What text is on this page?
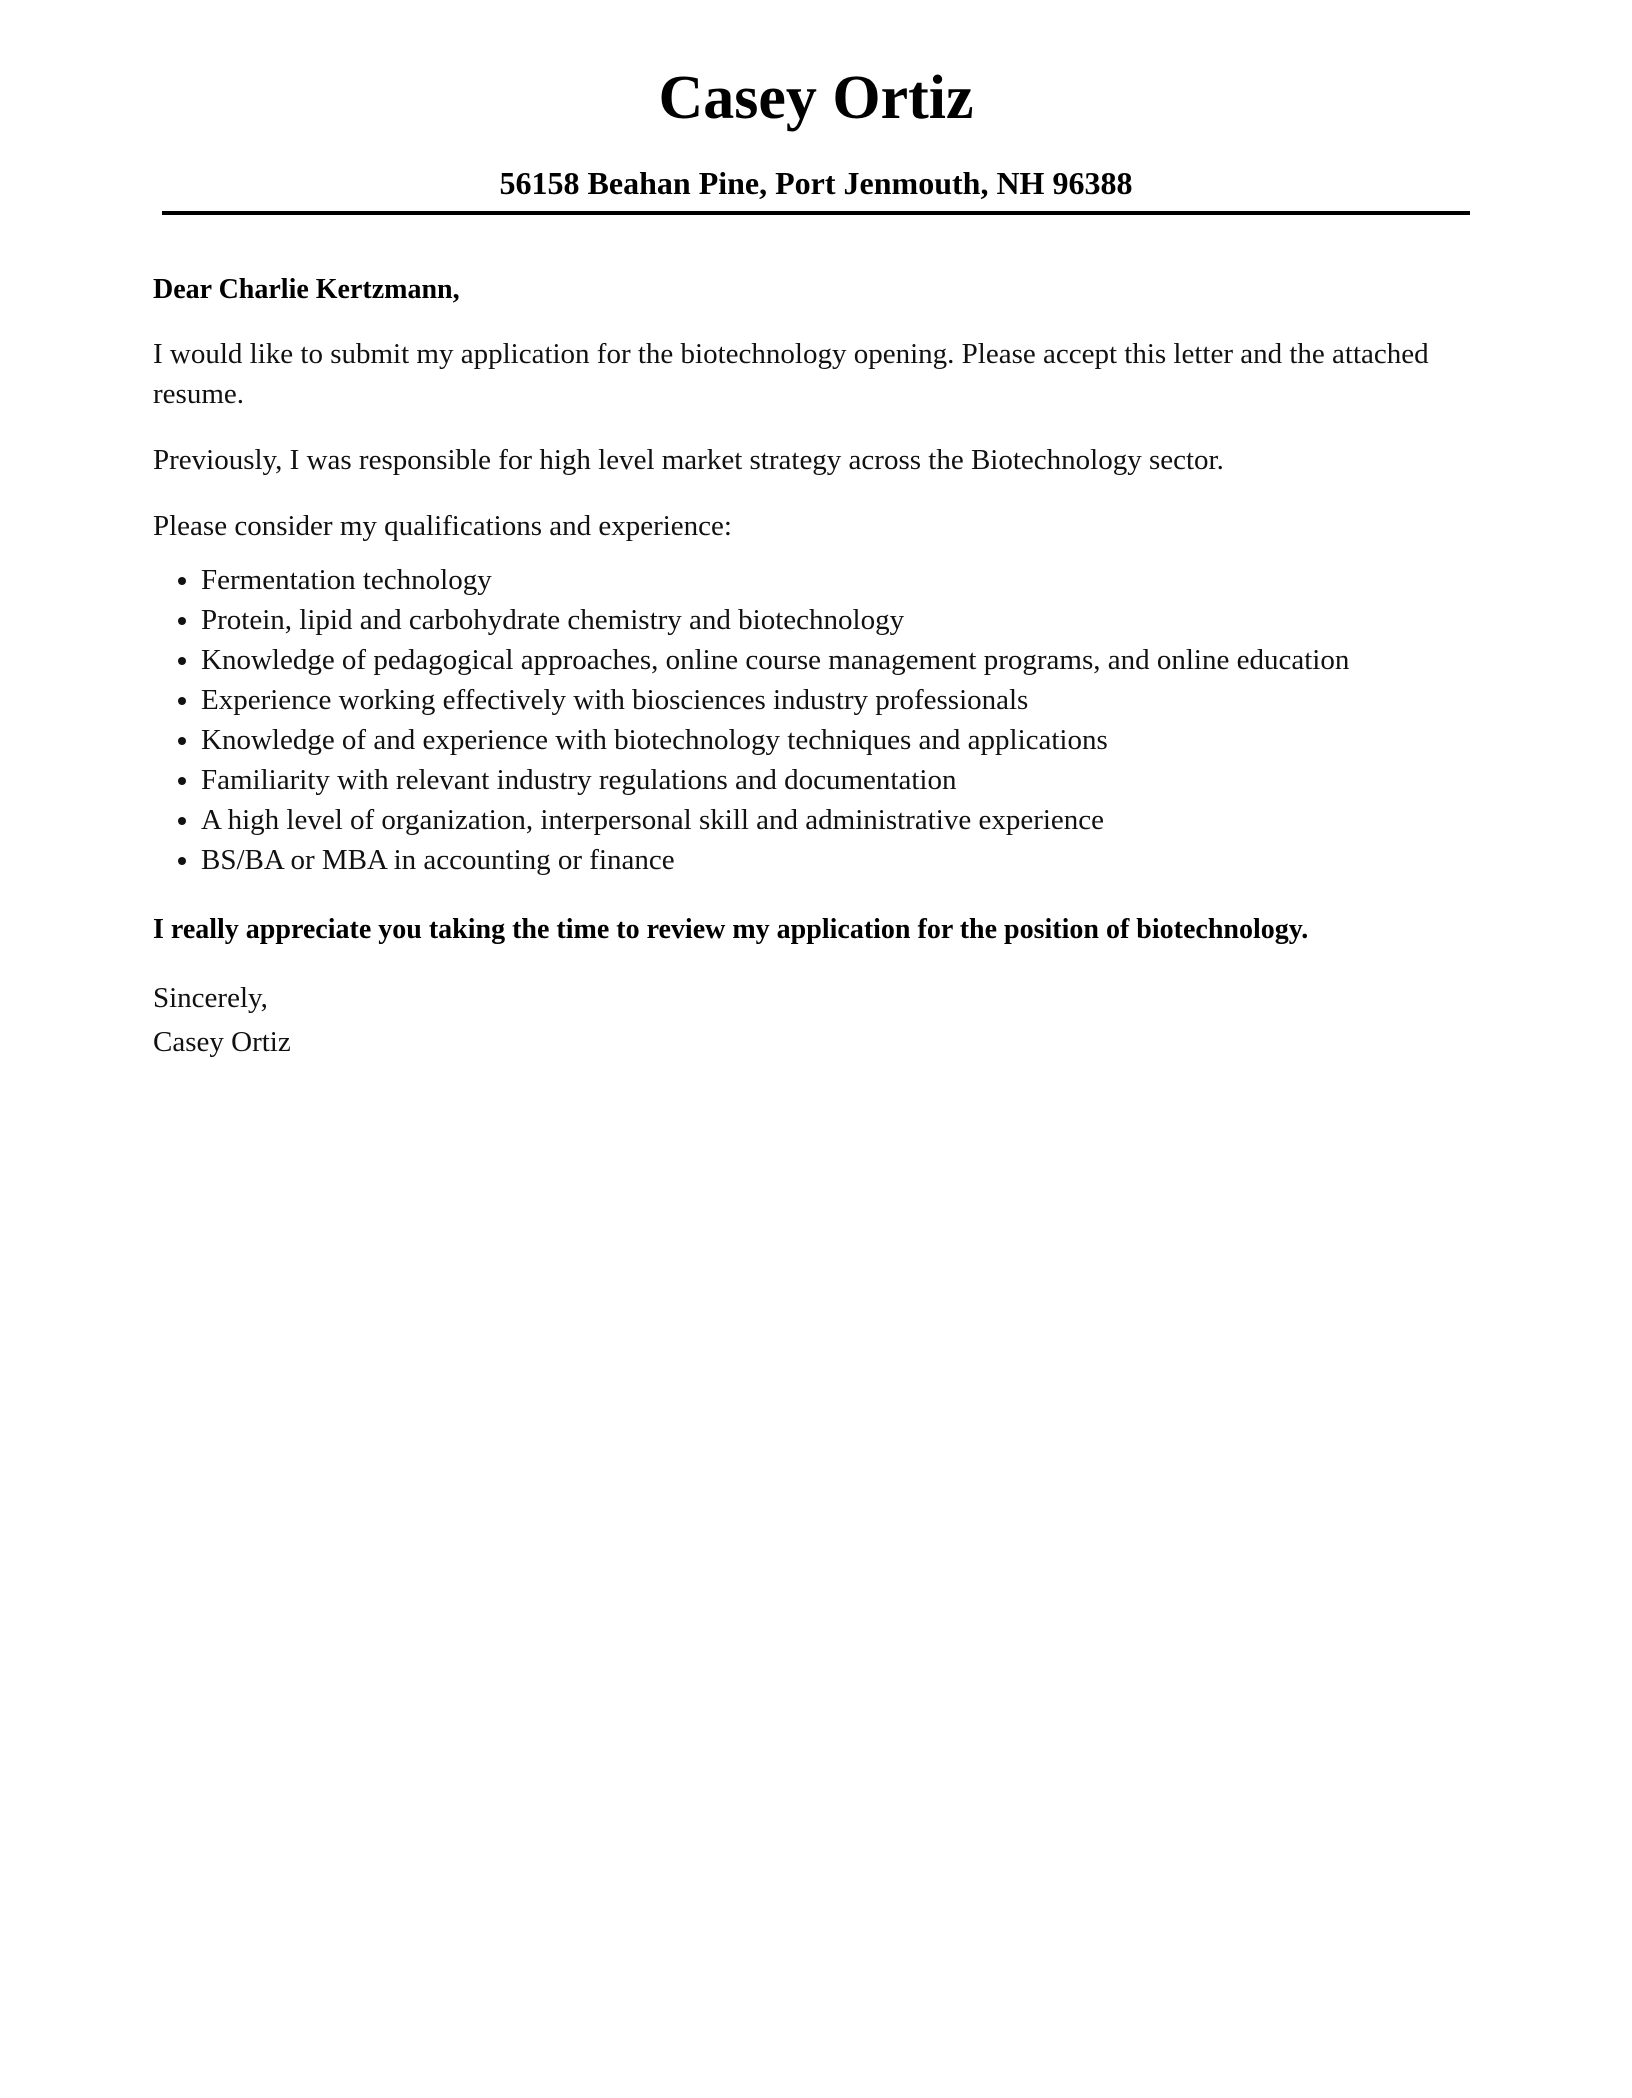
Casey Ortiz
56158 Beahan Pine, Port Jenmouth, NH 96388

Dear Charlie Kertzmann,

I would like to submit my application for the biotechnology opening. Please accept this letter and the attached resume.

Previously, I was responsible for high level market strategy across the Biotechnology sector.

Please consider my qualifications and experience:

• Fermentation technology
• Protein, lipid and carbohydrate chemistry and biotechnology
• Knowledge of pedagogical approaches, online course management programs, and online education
• Experience working effectively with biosciences industry professionals
• Knowledge of and experience with biotechnology techniques and applications
• Familiarity with relevant industry regulations and documentation
• A high level of organization, interpersonal skill and administrative experience
• BS/BA or MBA in accounting or finance

I really appreciate you taking the time to review my application for the position of biotechnology.

Sincerely,

Casey Ortiz
